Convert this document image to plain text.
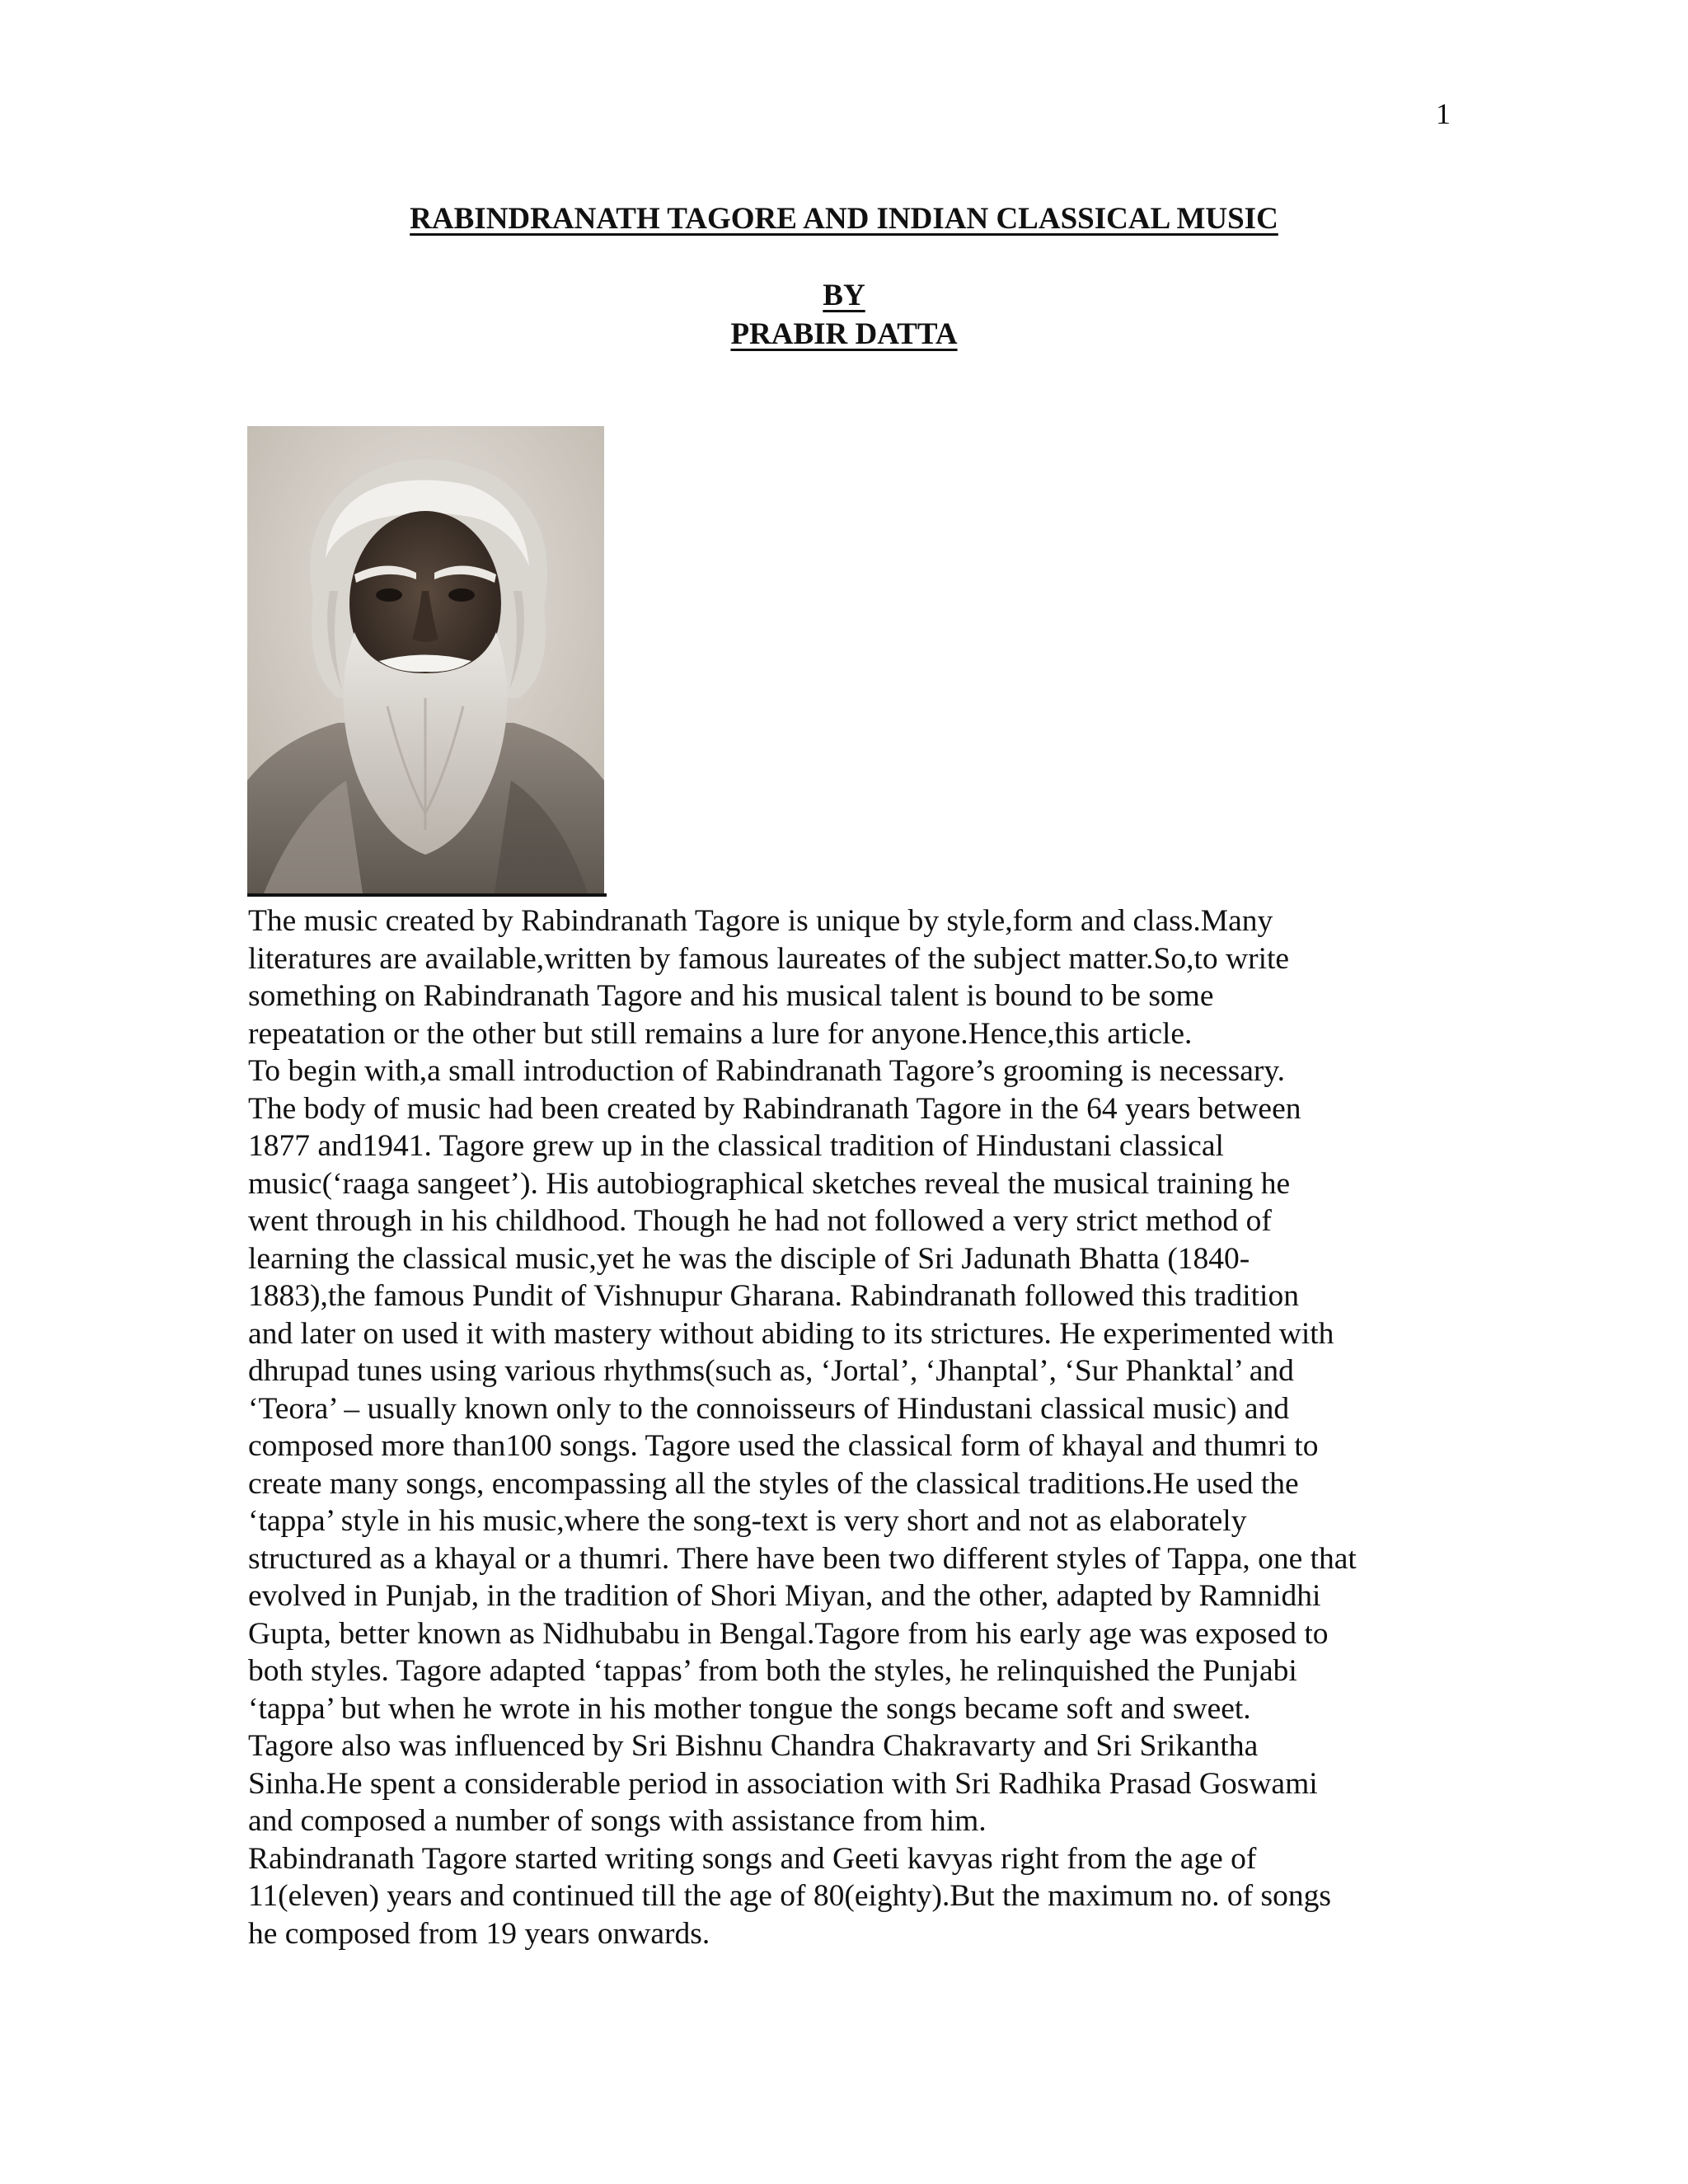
1
RABINDRANATH TAGORE AND INDIAN CLASSICAL MUSIC
BY
PRABIR DATTA
The music created by Rabindranath Tagore is unique by style,form and class.Many
literatures are available,written by famous laureates of the subject matter.So,to write
something on Rabindranath Tagore and his musical talent is bound to be some
repeatation or the other but still remains a lure for anyone.Hence,this article.
To begin with,a small introduction of Rabindranath Tagore’s grooming is necessary.
The body of music had been created by Rabindranath Tagore in the 64 years between
1877 and1941. Tagore grew up in the classical tradition of Hindustani classical
music(‘raaga sangeet’). His autobiographical sketches reveal the musical training he
went through in his childhood. Though he had not followed a very strict method of
learning the classical music,yet he was the disciple of Sri Jadunath Bhatta (1840-
1883),the famous Pundit of Vishnupur Gharana. Rabindranath followed this tradition
and later on used it with mastery without abiding to its strictures. He experimented with
dhrupad tunes using various rhythms(such as, ‘Jortal’, ‘Jhanptal’, ‘Sur Phanktal’ and
‘Teora’ – usually known only to the connoisseurs of Hindustani classical music) and
composed more than100 songs. Tagore used the classical form of khayal and thumri to
create many songs, encompassing all the styles of the classical traditions.He used the
‘tappa’ style in his music,where the song-text is very short and not as elaborately
structured as a khayal or a thumri. There have been two different styles of Tappa, one that
evolved in Punjab, in the tradition of Shori Miyan, and the other, adapted by Ramnidhi
Gupta, better known as Nidhubabu in Bengal.Tagore from his early age was exposed to
both styles. Tagore adapted ‘tappas’ from both the styles, he relinquished the Punjabi
‘tappa’ but when he wrote in his mother tongue the songs became soft and sweet.
Tagore also was influenced by Sri Bishnu Chandra Chakravarty and Sri Srikantha
Sinha.He spent a considerable period in association with Sri Radhika Prasad Goswami
and composed a number of songs with assistance from him.
Rabindranath Tagore started writing songs and Geeti kavyas right from the age of
11(eleven) years and continued till the age of 80(eighty).But the maximum no. of songs
he composed from 19 years onwards.
